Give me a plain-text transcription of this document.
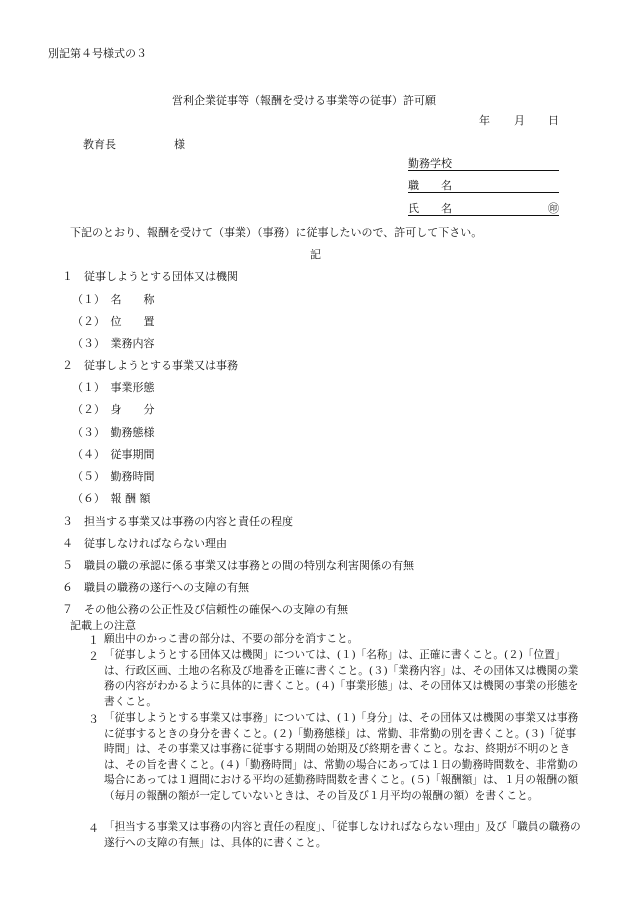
別記第４号様式の３
営利企業従事等（報酬を受ける事業等の従事）許可願
年 月 日
教育長	様
勤務学校
職　　名
氏　　名	㊞
下記のとおり、報酬を受けて（事業）（事務）に従事したいので、許可して下さい。
記
１　従事しようとする団体又は機関
（１）　名　　称
（２）　位　　置
（３）　業務内容
２　従事しようとする事業又は事務
（１）　事業形態
（２）　身　　分
（３）　勤務態様
（４）　従事期間
（５）　勤務時間
（６）　報 酬 額
３　担当する事業又は事務の内容と責任の程度
４　従事しなければならない理由
５　職員の職の承認に係る事業又は事務との間の特別な利害関係の有無
６　職員の職務の遂行への支障の有無
７　その他公務の公正性及び信頼性の確保への支障の有無
記載上の注意
１ 願出中のかっこ書の部分は、不要の部分を消すこと。
２ 「従事しようとする団体又は機関」については、(１)「名称」は、正確に書くこと。(２)「位置」は、行政区画、土地の名称及び地番を正確に書くこと。(３)「業務内容」は、その団体又は機関の業務の内容がわかるように具体的に書くこと。(４)「事業形態」は、その団体又は機関の事業の形態を書くこと。
３ 「従事しようとする事業又は事務」については、(１)「身分」は、その団体又は機関の事業又は事務に従事するときの身分を書くこと。(２)「勤務態様」は、常勤、非常勤の別を書くこと。(３)「従事時間」は、その事業又は事務に従事する期間の始期及び終期を書くこと。なお、終期が不明のときは、その旨を書くこと。(４)「勤務時間」は、常勤の場合にあっては１日の勤務時間数を、非常勤の場合にあっては１週間における平均の延勤務時間数を書くこと。(５)「報酬額」は、１月の報酬の額（毎月の報酬の額が一定していないときは、その旨及び１月平均の報酬の額）を書くこと。
４ 「担当する事業又は事務の内容と責任の程度」、「従事しなければならない理由」及び「職員の職務の遂行への支障の有無」は、具体的に書くこと。
